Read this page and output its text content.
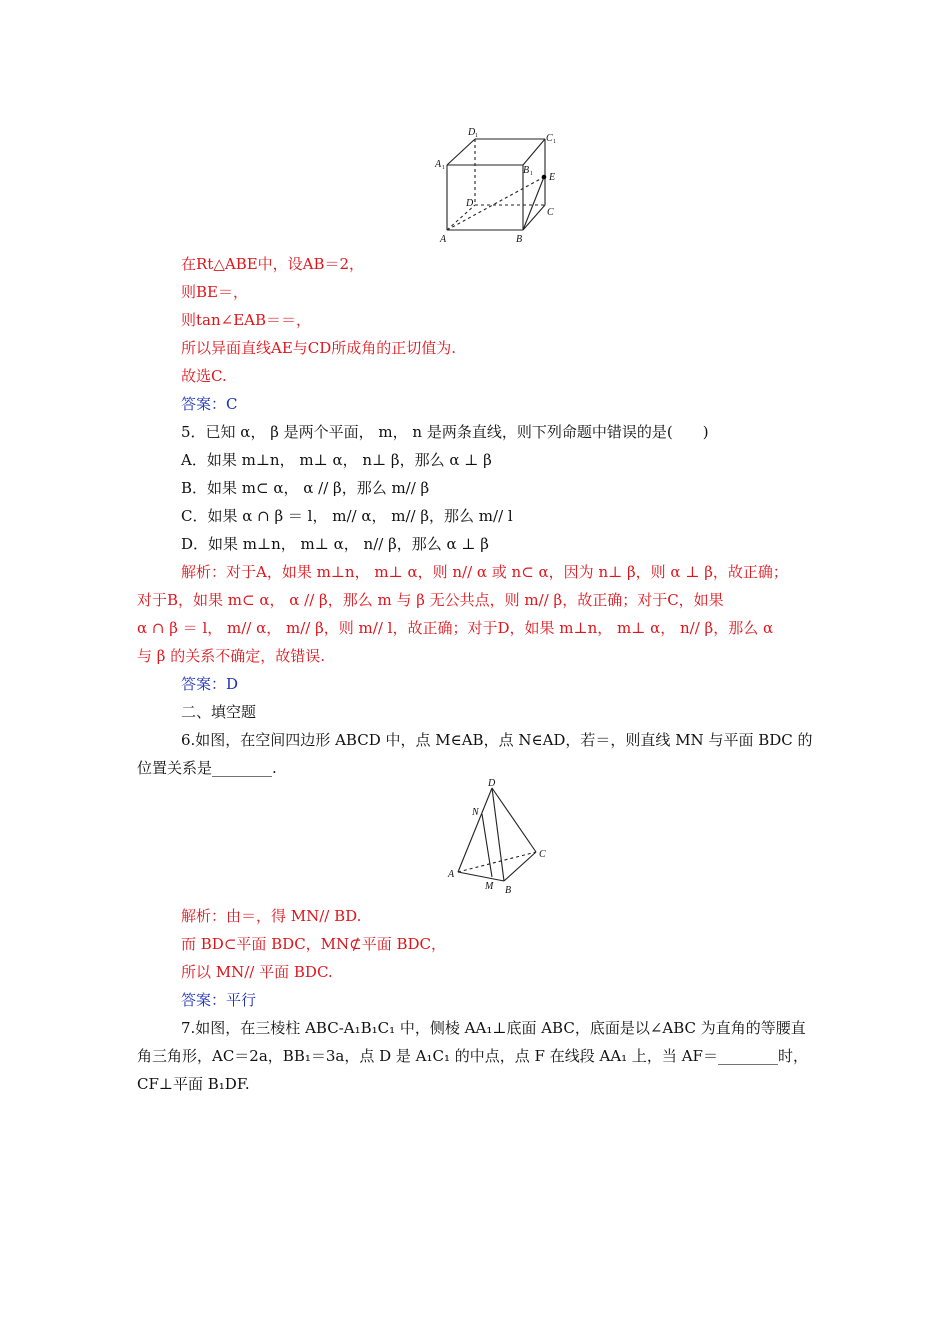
D 1	C 1
A 1	B 1 E
D
C
A	B
在Rt△ABE中，设AB＝2，
则BE＝，
则tan∠EAB＝＝，
所以异面直线AE与CD所成角的正切值为.
故选C.
答案：C
5．已知 α， β 是两个平面， m， n 是两条直线，则下列命题中错误的是(　　)
A．如果 m⊥n， m⊥ α， n⊥ β，那么 α ⊥ β
B．如果 m⊂ α， α // β，那么 m// β
C．如果 α ∩ β ＝ l， m// α， m// β，那么 m// l
D．如果 m⊥n， m⊥ α， n// β，那么 α ⊥ β
解析：对于A，如果 m⊥n， m⊥ α，则 n// α 或 n⊂ α，因为 n⊥ β，则 α ⊥ β，故正确；
对于B，如果 m⊂ α， α // β，那么 m 与 β 无公共点，则 m// β，故正确；对于C，如果
α ∩ β ＝ l， m// α， m// β，则 m// l，故正确；对于D，如果 m⊥n， m⊥ α， n// β，那么 α
与 β 的关系不确定，故错误.
答案：D
二、填空题
6.如图，在空间四边形 ABCD 中，点 M∈AB，点 N∈AD，若＝，则直线 MN 与平面 BDC 的
位置关系是________.
D
N
C
A
M B
解析：由＝，得 MN// BD.
而 BD⊂平面 BDC，MN⊄平面 BDC，
所以 MN// 平面 BDC.
答案：平行
7.如图，在三棱柱 ABC-A₁B₁C₁ 中，侧棱 AA₁⊥底面 ABC，底面是以∠ABC 为直角的等腰直
角三角形，AC＝2a，BB₁＝3a，点 D 是 A₁C₁ 的中点，点 F 在线段 AA₁ 上，当 AF＝________时，
CF⊥平面 B₁DF.
